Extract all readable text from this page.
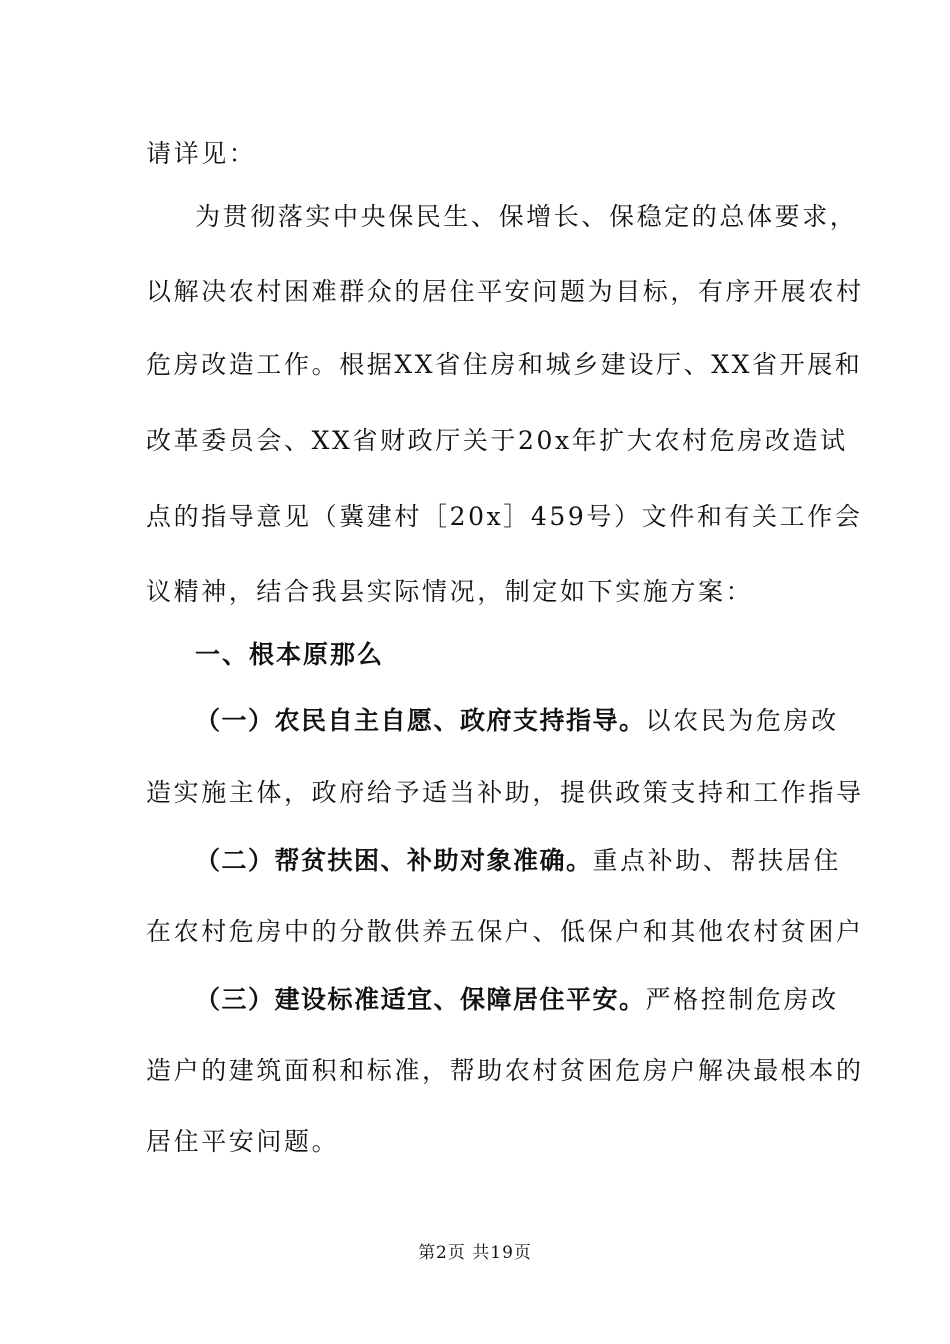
请详见：
为贯彻落实中央保民生、保增长、保稳定的总体要求，
以解决农村困难群众的居住平安问题为目标，有序开展农村
危房改造工作。根据XX省住房和城乡建设厅、XX省开展和
改革委员会、XX省财政厅关于20x年扩大农村危房改造试
点的指导意见（冀建村［20x］459号）文件和有关工作会
议精神，结合我县实际情况，制定如下实施方案：
一、根本原那么
（一）农民自主自愿、政府支持指导。以农民为危房改
造实施主体，政府给予适当补助，提供政策支持和工作指导
（二）帮贫扶困、补助对象准确。重点补助、帮扶居住
在农村危房中的分散供养五保户、低保户和其他农村贫困户
（三）建设标准适宜、保障居住平安。严格控制危房改
造户的建筑面积和标准，帮助农村贫困危房户解决最根本的
居住平安问题。
第2页 共19页
